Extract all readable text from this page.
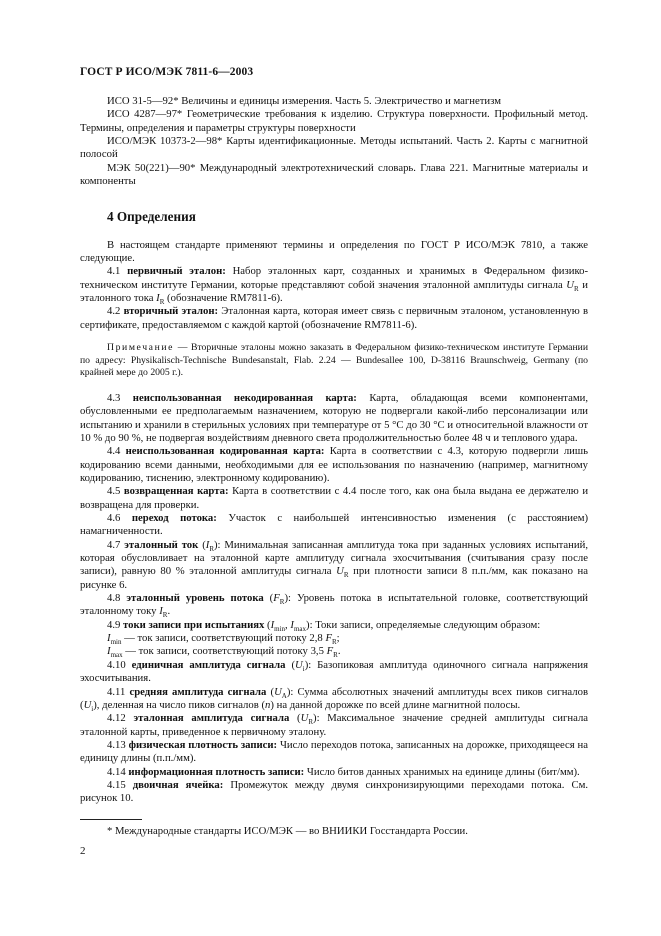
ГОСТ Р ИСО/МЭК 7811-6—2003

ИСО 31-5—92* Величины и единицы измерения. Часть 5. Электричество и магнетизм

ИСО 4287—97* Геометрические требования к изделию. Структура поверхности. Профильный метод. Термины, определения и параметры структуры поверхности

ИСО/МЭК 10373-2—98* Карты идентификационные. Методы испытаний. Часть 2. Карты с магнитной полосой

МЭК 50(221)—90* Международный электротехнический словарь. Глава 221. Магнитные материалы и компоненты

4 Определения

В настоящем стандарте применяют термины и определения по ГОСТ Р ИСО/МЭК 7810, а также следующие.

4.1 первичный эталон: Набор эталонных карт, созданных и хранимых в Федеральном физико-техническом институте Германии, которые представляют собой значения эталонной амплитуды сигнала $U_R$ и эталонного тока $I_R$ (обозначение RM7811-6).

4.2 вторичный эталон: Эталонная карта, которая имеет связь с первичным эталоном, установленную в сертификате, предоставляемом с каждой картой (обозначение RM7811-6).

Примечание — Вторичные эталоны можно заказать в Федеральном физико-техническом институте Германии по адресу: Physikalisch-Technische Bundesanstalt, Flab. 2.24 — Bundesallee 100, D-38116 Braunschweig, Germany (по крайней мере до 2005 г.).

4.3 неиспользованная некодированная карта: Карта, обладающая всеми компонентами, обусловленными ее предполагаемым назначением, которую не подвергали какой-либо персонализации или испытанию и хранили в стерильных условиях при температуре от 5 °С до 30 °С и относительной влажности от 10 % до 90 %, не подвергая воздействиям дневного света продолжительностью более 48 ч и теплового удара.

4.4 неиспользованная кодированная карта: Карта в соответствии с 4.3, которую подвергли лишь кодированию всеми данными, необходимыми для ее использования по назначению (например, магнитному кодированию, тиснению, электронному кодированию).

4.5 возвращенная карта: Карта в соответствии с 4.4 после того, как она была выдана ее держателю и возвращена для проверки.

4.6 переход потока: Участок с наибольшей интенсивностью изменения (с расстоянием) намагниченности.

4.7 эталонный ток $(I_R)$: Минимальная записанная амплитуда тока при заданных условиях испытаний, которая обусловливает на эталонной карте амплитуду сигнала эхосчитывания (считывания сразу после записи), равную 80 % эталонной амплитуды сигнала $U_R$ при плотности записи 8 п.п./мм, как показано на рисунке 6.

4.8 эталонный уровень потока $(F_R)$: Уровень потока в испытательной головке, соответствующий эталонному току $I_R$.

4.9 токи записи при испытаниях ($I_{min}$, $I_{max}$): Токи записи, определяемые следующим образом:

$I_{min}$ — ток записи, соответствующий потоку 2,8 $F_R$;

$I_{max}$ — ток записи, соответствующий потоку 3,5 $F_R$.

4.10 единичная амплитуда сигнала $(U_i)$: Базопиковая амплитуда одиночного сигнала напряжения эхосчитывания.

4.11 средняя амплитуда сигнала $(U_A)$: Сумма абсолютных значений амплитуды всех пиков сигналов $(U_i)$, деленная на число пиков сигналов (n) на данной дорожке по всей длине магнитной полосы.

4.12 эталонная амплитуда сигнала $(U_R)$: Максимальное значение средней амплитуды сигнала эталонной карты, приведенное к первичному эталону.

4.13 физическая плотность записи: Число переходов потока, записанных на дорожке, приходящееся на единицу длины (п.п./мм).

4.14 информационная плотность записи: Число битов данных хранимых на единице длины (бит/мм).

4.15 двоичная ячейка: Промежуток между двумя синхронизирующими переходами потока. См. рисунок 10.

* Международные стандарты ИСО/МЭК — во ВНИИКИ Госстандарта России.

2
